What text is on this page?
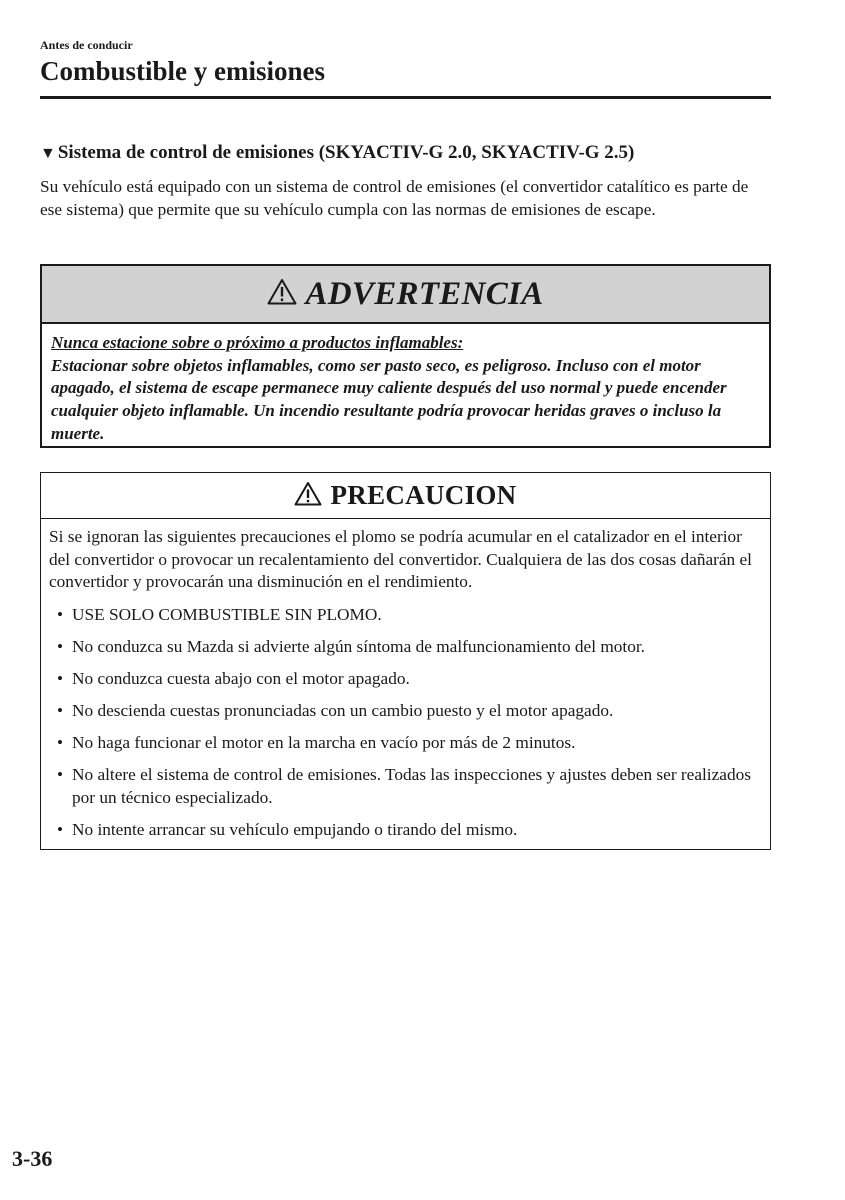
Antes de conducir
Combustible y emisiones
▼ Sistema de control de emisiones (SKYACTIV-G 2.0, SKYACTIV-G 2.5)

Su vehículo está equipado con un sistema de control de emisiones (el convertidor catalítico es parte de ese sistema) que permite que su vehículo cumpla con las normas de emisiones de escape.

ADVERTENCIA
Nunca estacione sobre o próximo a productos inflamables:
Estacionar sobre objetos inflamables, como ser pasto seco, es peligroso. Incluso con el motor apagado, el sistema de escape permanece muy caliente después del uso normal y puede encender cualquier objeto inflamable. Un incendio resultante podría provocar heridas graves o incluso la muerte.
PRECAUCION

Si se ignoran las siguientes precauciones el plomo se podría acumular en el catalizador en el interior del convertidor o provocar un recalentamiento del convertidor. Cualquiera de las dos cosas dañarán el convertidor y provocarán una disminución en el rendimiento.

• USE SOLO COMBUSTIBLE SIN PLOMO.
• No conduzca su Mazda si advierte algún síntoma de malfuncionamiento del motor.
• No conduzca cuesta abajo con el motor apagado.
• No descienda cuestas pronunciadas con un cambio puesto y el motor apagado.
• No haga funcionar el motor en la marcha en vacío por más de 2 minutos.
• No altere el sistema de control de emisiones. Todas las inspecciones y ajustes deben ser realizados por un técnico especializado.
• No intente arrancar su vehículo empujando o tirando del mismo.
3-36
